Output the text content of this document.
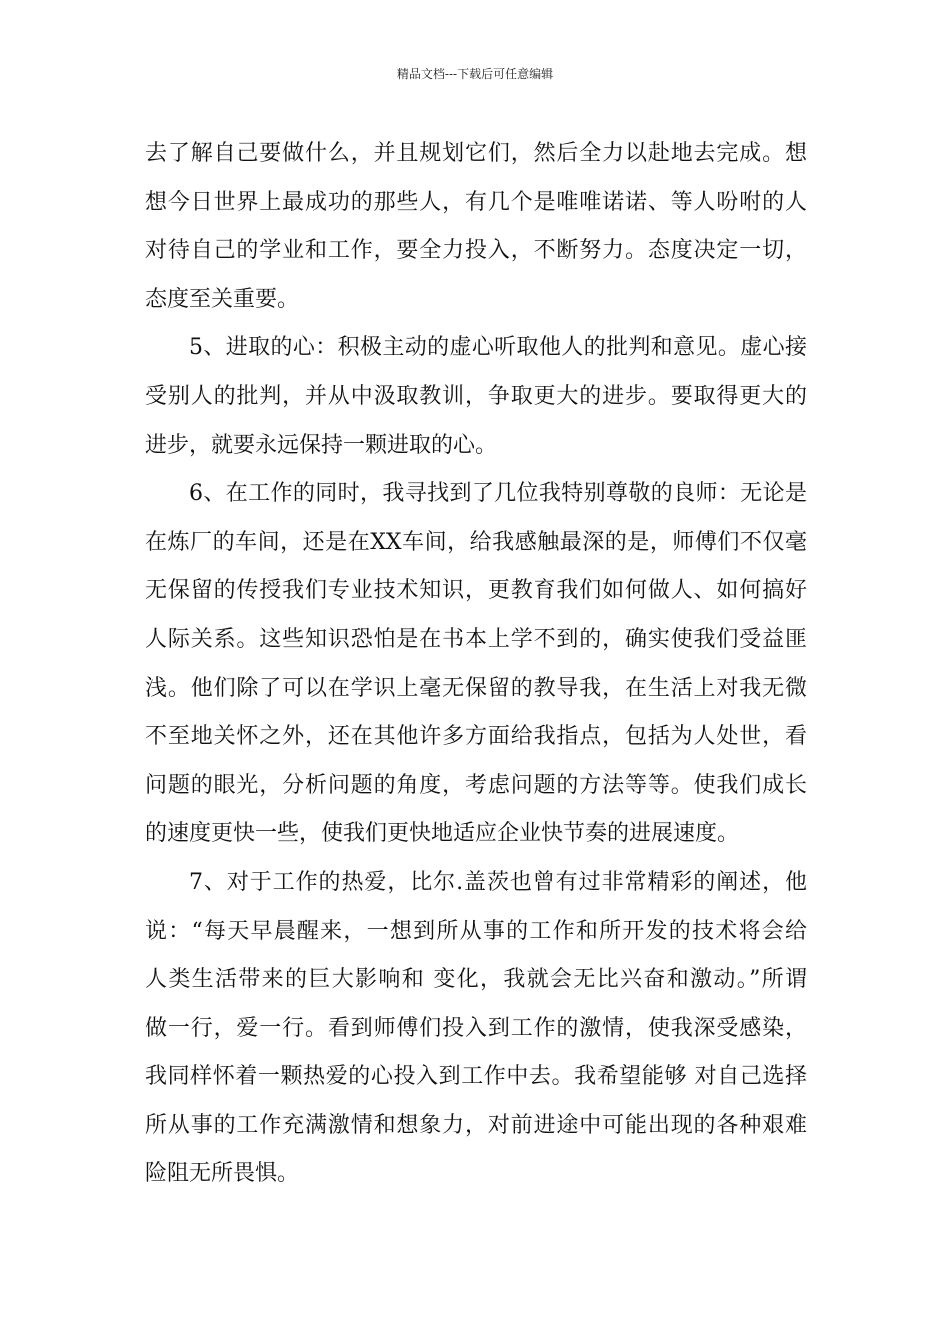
精品文档---下载后可任意编辑
去了解自己要做什么，并且规划它们，然后全力以赴地去完成。想
想今日世界上最成功的那些人，有几个是唯唯诺诺、等人吩咐的人
对待自己的学业和工作，要全力投入，不断努力。态度决定一切，
态度至关重要。
5、进取的心：积极主动的虚心听取他人的批判和意见。虚心接
受别人的批判，并从中汲取教训，争取更大的进步。要取得更大的
进步，就要永远保持一颗进取的心。
6、在工作的同时，我寻找到了几位我特别尊敬的良师：无论是
在炼厂的车间，还是在XX车间，给我感触最深的是，师傅们不仅毫
无保留的传授我们专业技术知识，更教育我们如何做人、如何搞好
人际关系。这些知识恐怕是在书本上学不到的，确实使我们受益匪
浅。他们除了可以在学识上毫无保留的教导我，在生活上对我无微
不至地关怀之外，还在其他许多方面给我指点，包括为人处世，看
问题的眼光，分析问题的角度，考虑问题的方法等等。使我们成长
的速度更快一些，使我们更快地适应企业快节奏的进展速度。
7、对于工作的热爱，比尔.盖茨也曾有过非常精彩的阐述，他
说：“每天早晨醒来，一想到所从事的工作和所开发的技术将会给
人类生活带来的巨大影响和 变化，我就会无比兴奋和激动。”所谓
做一行，爱一行。看到师傅们投入到工作的激情，使我深受感染，
我同样怀着一颗热爱的心投入到工作中去。我希望能够 对自己选择
所从事的工作充满激情和想象力，对前进途中可能出现的各种艰难
险阻无所畏惧。
